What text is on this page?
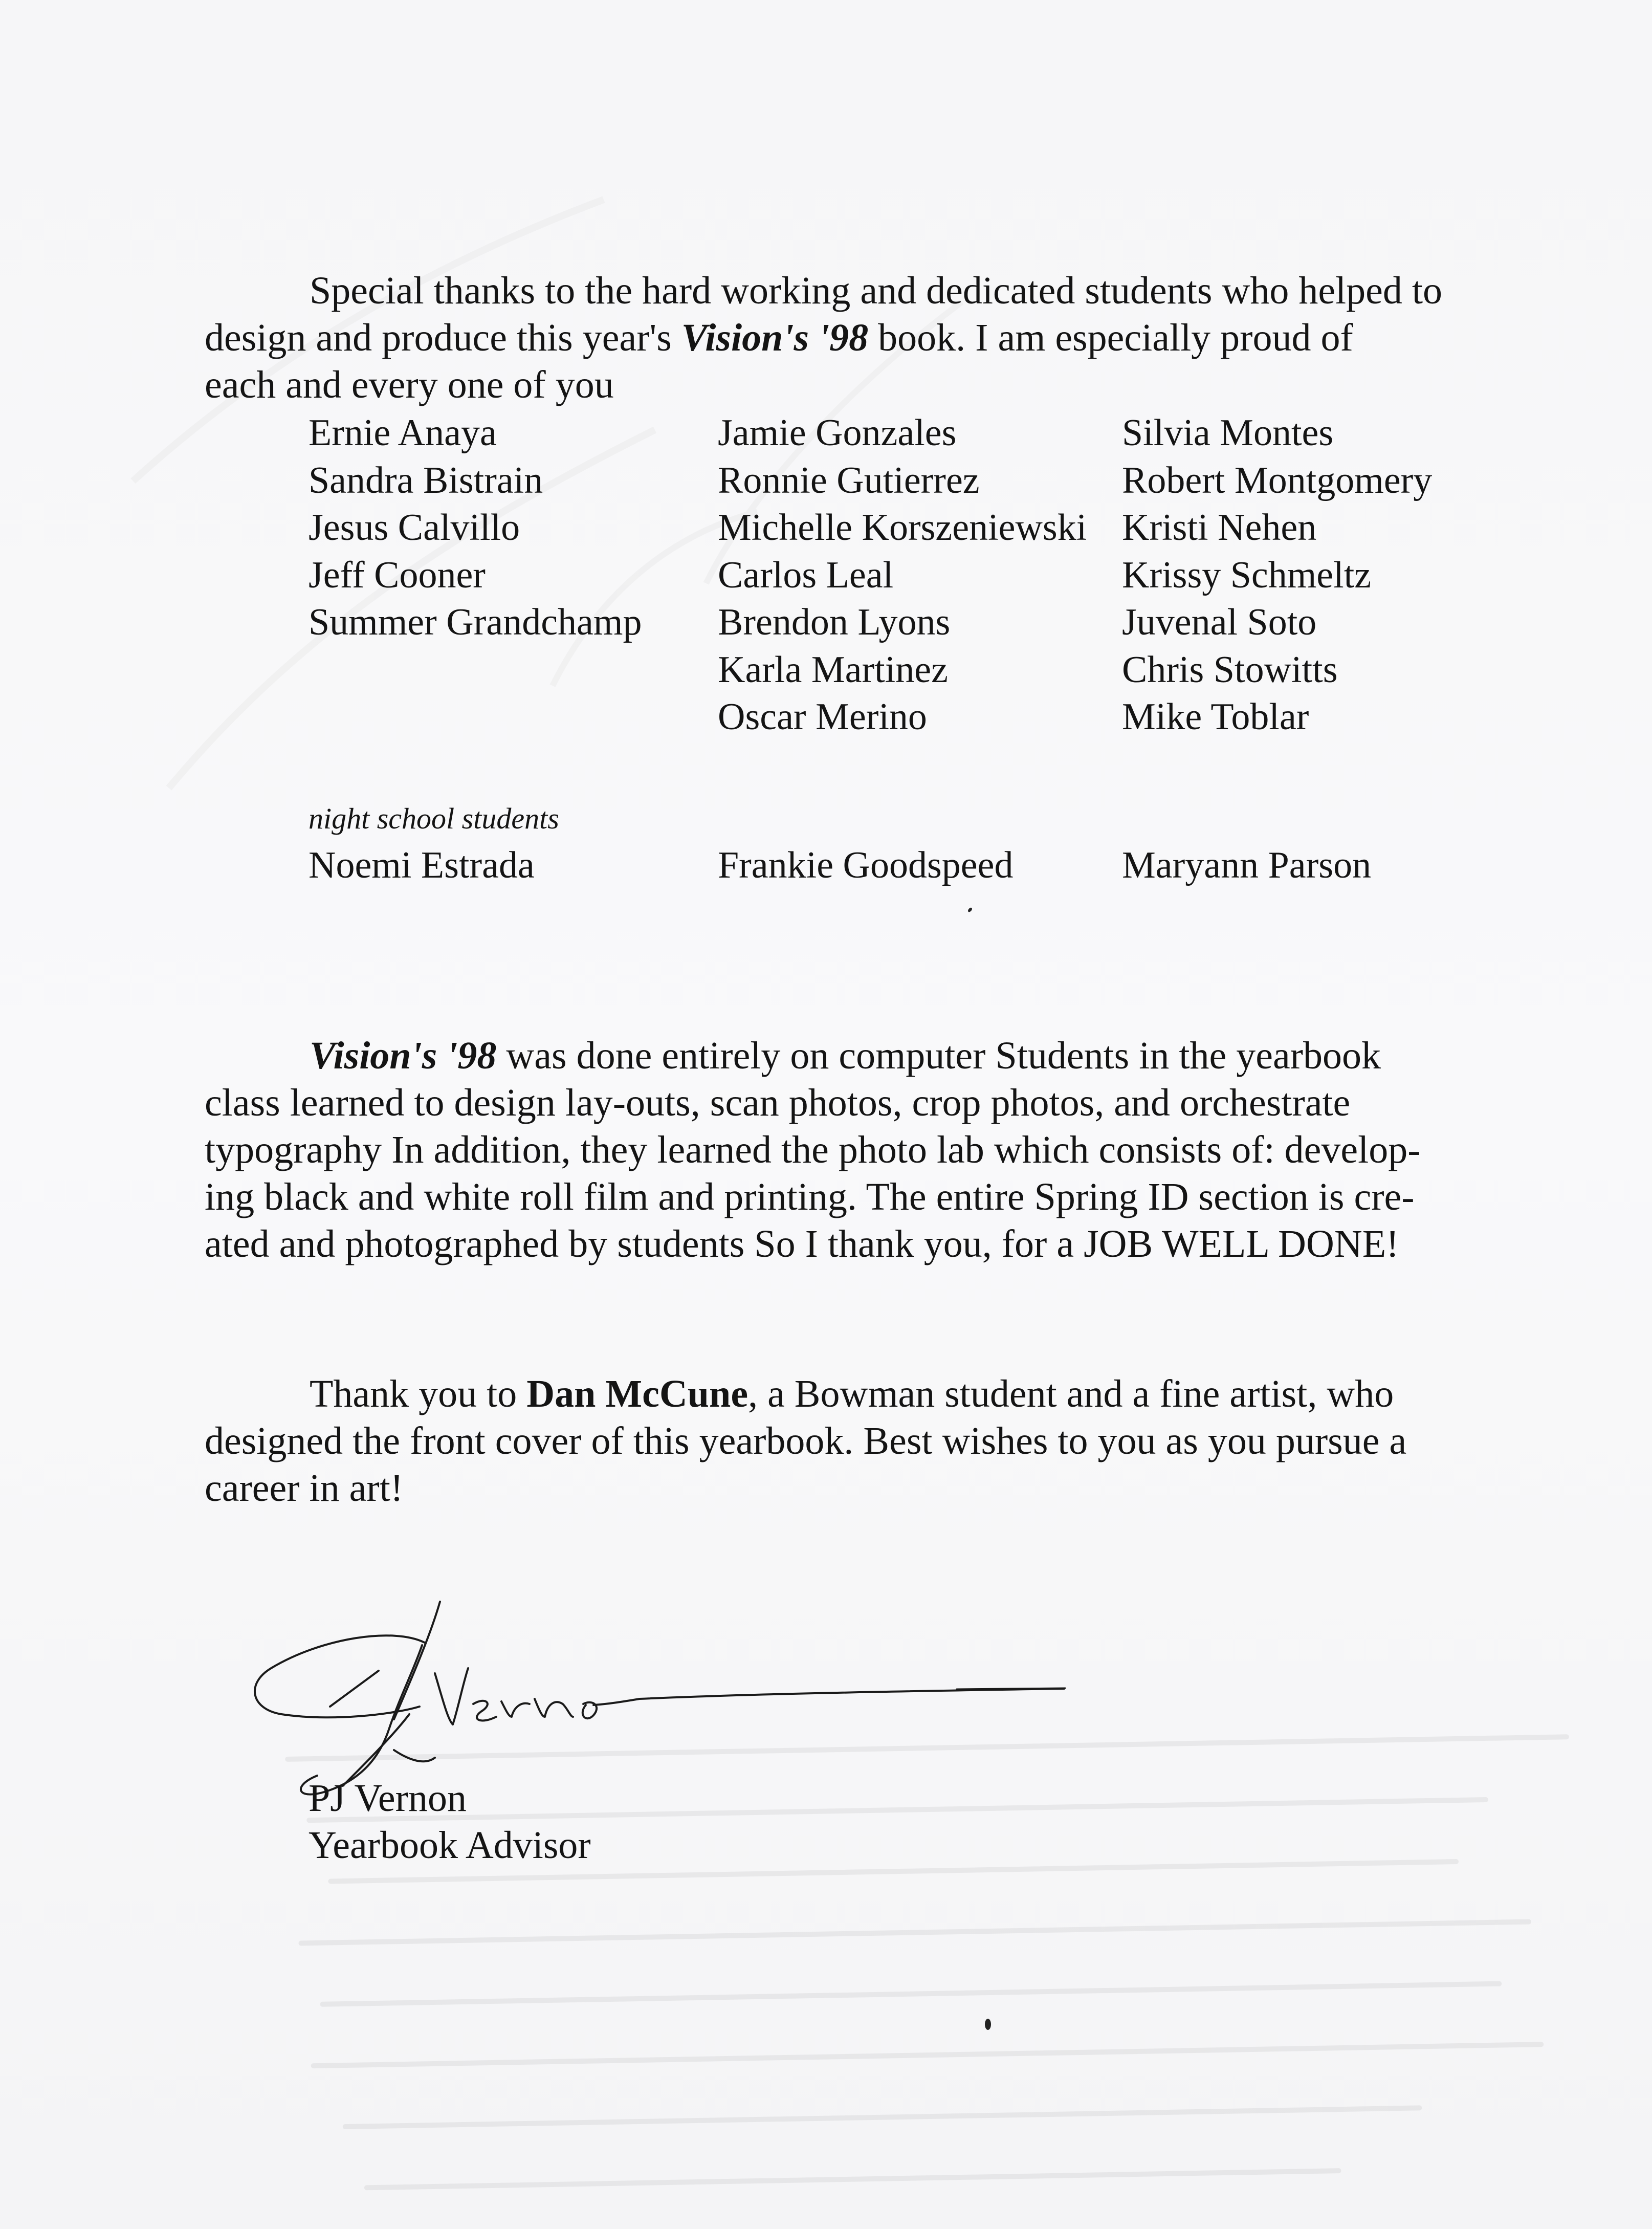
Special thanks to the hard working and dedicated students who helped to
design and produce this year's Vision's '98 book. I am especially proud of
each and every one of you

Ernie Anaya
Sandra Bistrain
Jesus Calvillo
Jeff Cooner
Summer Grandchamp
Jamie Gonzales
Ronnie Gutierrez
Michelle Korszeniewski
Carlos Leal
Brendon Lyons
Karla Martinez
Oscar Merino
Silvia Montes
Robert Montgomery
Kristi Nehen
Krissy Schmeltz
Juvenal Soto
Chris Stowitts
Mike Toblar
night school students
Noemi Estrada	Frankie Goodspeed	Maryann Parson

Vision's '98 was done entirely on computer Students in the yearbook
class learned to design lay-outs, scan photos, crop photos, and orchestrate
typography In addition, they learned the photo lab which consists of: develop-
ing black and white roll film and printing. The entire Spring ID section is cre-
ated and photographed by students So I thank you, for a JOB WELL DONE!

Thank you to Dan McCune, a Bowman student and a fine artist, who
designed the front cover of this yearbook. Best wishes to you as you pursue a
career in art!

PJ Vernon
Yearbook Advisor
